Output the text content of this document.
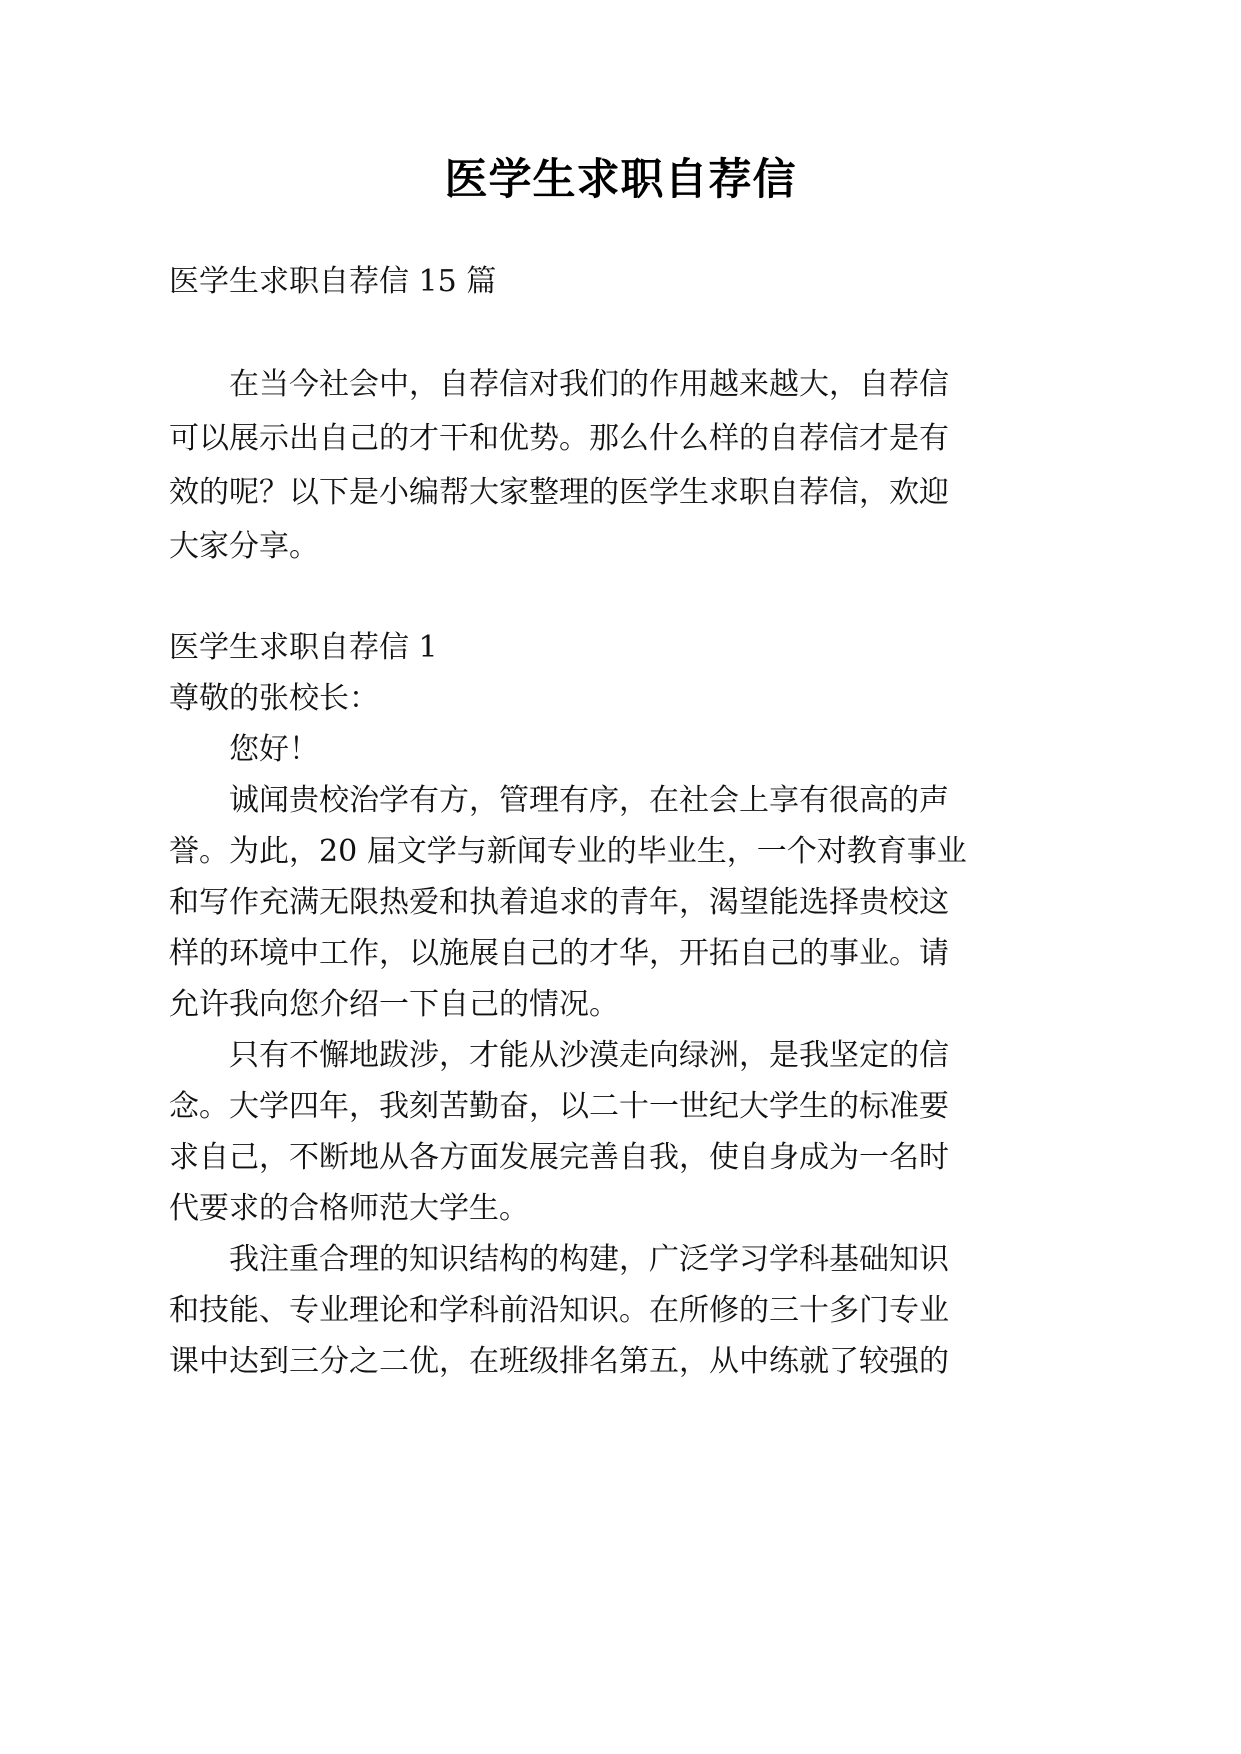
医学生求职自荐信
医学生求职自荐信 15 篇
在当今社会中，自荐信对我们的作用越来越大，自荐信
可以展示出自己的才干和优势。那么什么样的自荐信才是有
效的呢？以下是小编帮大家整理的医学生求职自荐信，欢迎
大家分享。
医学生求职自荐信 1
尊敬的张校长：
您好！
诚闻贵校治学有方，管理有序，在社会上享有很高的声
誉。为此，20 届文学与新闻专业的毕业生，一个对教育事业
和写作充满无限热爱和执着追求的青年，渴望能选择贵校这
样的环境中工作，以施展自己的才华，开拓自己的事业。请
允许我向您介绍一下自己的情况。
只有不懈地跋涉，才能从沙漠走向绿洲，是我坚定的信
念。大学四年，我刻苦勤奋，以二十一世纪大学生的标准要
求自己，不断地从各方面发展完善自我，使自身成为一名时
代要求的合格师范大学生。
我注重合理的知识结构的构建，广泛学习学科基础知识
和技能、专业理论和学科前沿知识。在所修的三十多门专业
课中达到三分之二优，在班级排名第五，从中练就了较强的
